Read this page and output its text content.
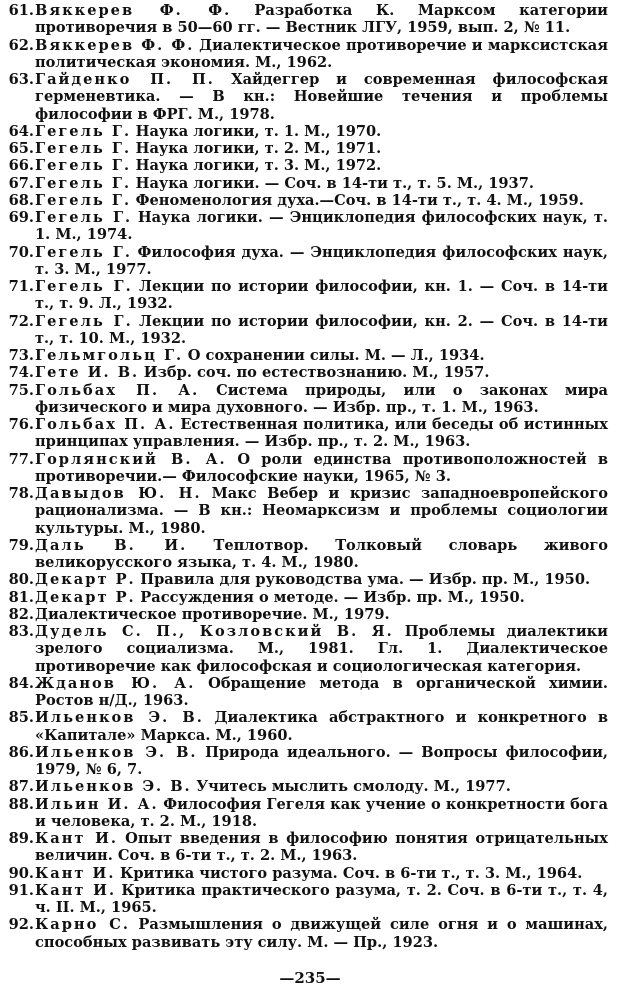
61. Вяккерев Ф. Ф. Разработка К. Марксом категории противоречия в 50—60 гг. — Вестник ЛГУ, 1959, вып. 2, № 11.
62. Вяккерев Ф. Ф. Диалектическое противоречие и марксистская политическая экономия. М., 1962.
63. Гайденко П. П. Хайдеггер и современная философская герменевтика. — В кн.: Новейшие течения и проблемы философии в ФРГ. М., 1978.
64. Гегель Г. Наука логики, т. 1. М., 1970.
65. Гегель Г. Наука логики, т. 2. М., 1971.
66. Гегель Г. Наука логики, т. 3. М., 1972.
67. Гегель Г. Наука логики. — Соч. в 14-ти т., т. 5. М., 1937.
68. Гегель Г. Феноменология духа.—Соч. в 14-ти т., т. 4. М., 1959.
69. Гегель Г. Наука логики. — Энциклопедия философских наук, т. 1. М., 1974.
70. Гегель Г. Философия духа. — Энциклопедия философских наук, т. 3. М., 1977.
71. Гегель Г. Лекции по истории философии, кн. 1. — Соч. в 14-ти т., т. 9. Л., 1932.
72. Гегель Г. Лекции по истории философии, кн. 2. — Соч. в 14-ти т., т. 10. М., 1932.
73. Гельмгольц Г. О сохранении силы. М. — Л., 1934.
74. Гете И. В. Избр. соч. по естествознанию. М., 1957.
75. Гольбах П. А. Система природы, или о законах мира физического и мира духовного. — Избр. пр., т. 1. М., 1963.
76. Гольбах П. А. Естественная политика, или беседы об истинных принципах управления. — Избр. пр., т. 2. М., 1963.
77. Горлянский В. А. О роли единства противоположностей в противоречии.— Философские науки, 1965, № 3.
78. Давыдов Ю. Н. Макс Вебер и кризис западноевропейского рационализма. — В кн.: Неомарксизм и проблемы социологии культуры. М., 1980.
79. Даль В. И. Теплотвор. Толковый словарь живого великорусского языка, т. 4. М., 1980.
80. Декарт Р. Правила для руководства ума. — Избр. пр. М., 1950.
81. Декарт Р. Рассуждения о методе. — Избр. пр. М., 1950.
82. Диалектическое противоречие. М., 1979.
83. Дудель С. П., Козловский В. Я. Проблемы диалектики зрелого социализма. М., 1981. Гл. 1. Диалектическое противоречие как философская и социологическая категория.
84. Жданов Ю. А. Обращение метода в органической химии. Ростов н/Д., 1963.
85. Ильенков Э. В. Диалектика абстрактного и конкретного в «Капитале» Маркса. М., 1960.
86. Ильенков Э. В. Природа идеального. — Вопросы философии, 1979, № 6, 7.
87. Ильенков Э. В. Учитесь мыслить смолоду. М., 1977.
88. Ильин И. А. Философия Гегеля как учение о конкретности бога и человека, т. 2. М., 1918.
89. Кант И. Опыт введения в философию понятия отрицательных величин. Соч. в 6-ти т., т. 2. М., 1963.
90. Кант И. Критика чистого разума. Соч. в 6-ти т., т. 3. М., 1964.
91. Кант И. Критика практического разума, т. 2. Соч. в 6-ти т., т. 4, ч. II. М., 1965.
92. Карно С. Размышления о движущей силе огня и о машинах, способных развивать эту силу. М. — Пр., 1923.
—235—
